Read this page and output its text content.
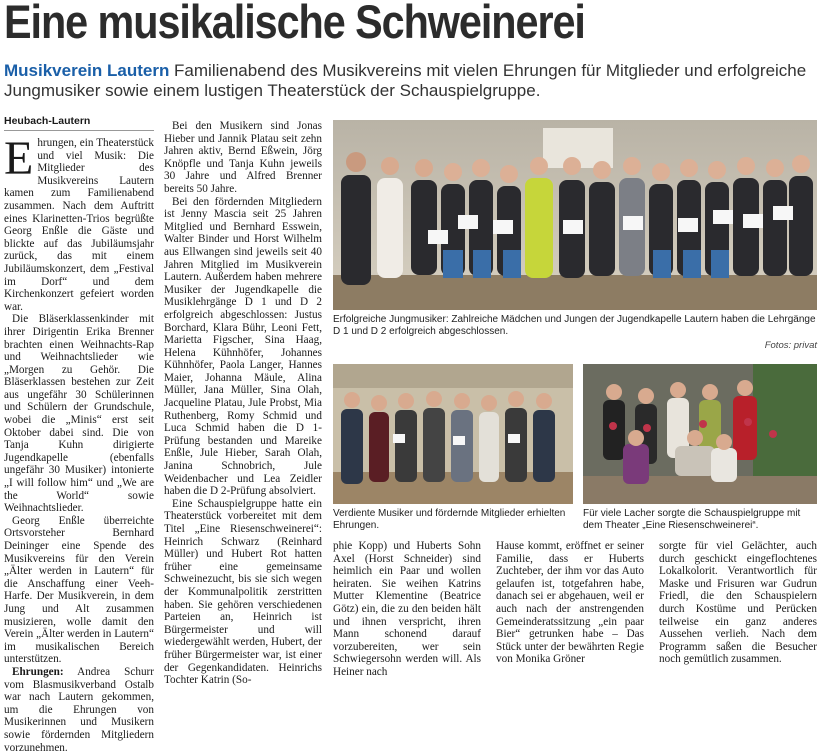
Eine musikalische Schweinerei
Musikverein Lautern Familienabend des Musikvereins mit vielen Ehrungen für Mitglieder und erfolgreiche Jungmusiker sowie einem lustigen Theaterstück der Schauspielgruppe.
Heubach-Lautern

Ehrungen, ein Theaterstück und viel Musik: Die Mitglieder des Musikvereins Lautern kamen zum Familienabend zusammen. Nach dem Auftritt eines Klarinetten-Trios begrüßte Georg Enßle die Gäste und blickte auf das Jubiläumsjahr zurück, das mit einem Jubiläumskonzert, dem „Festival im Dorf“ und dem Kirchenkonzert gefeiert worden war.

Die Bläserklassenkinder mit ihrer Dirigentin Erika Brenner brachten einen Weihnachts-Rap und Weihnachtslieder wie „Morgen zu Gehör. Die Bläserklassen bestehen zur Zeit aus ungefähr 30 Schülerinnen und Schülern der Grundschule, wobei die „Minis“ erst seit Oktober dabei sind. Die von Tanja Kuhn dirigierte Jugendkapelle (ebenfalls ungefähr 30 Musiker) intonierte „I will follow him“ und „We are the World“ sowie Weihnachtslieder.

Georg Enßle überreichte Ortsvorsteher Bernhard Deininger eine Spende des Musikvereins für den Verein „Älter werden in Lautern“ für die Anschaffung einer Veeh-Harfe. Der Musikverein, in dem Jung und Alt zusammen musizieren, wolle damit den Verein „Älter werden in Lautern“ im musikalischen Bereich unterstützen.

Ehrungen: Andrea Schurr vom Blasmusikverband Ostalb war nach Lautern gekommen, um die Ehrungen von Musikerinnen und Musikern sowie fördernden Mitgliedern vorzunehmen.

Bei den Musikern sind Jonas Hieber und Jannik Platau seit zehn Jahren aktiv, Bernd Eßwein, Jörg Knöpfle und Tanja Kuhn jeweils 30 Jahre und Alfred Brenner bereits 50 Jahre.

Bei den fördernden Mitgliedern ist Jenny Mascia seit 25 Jahren Mitglied und Bernhard Esswein, Walter Binder und Horst Wilhelm aus Ellwangen sind jeweils seit 40 Jahren Mitglied im Musikverein Lautern. Außerdem haben mehrere Musiker der Jugendkapelle die Musiklehrgänge D 1 und D 2 erfolgreich abgeschlossen: Justus Borchard, Klara Bühr, Leoni Fett, Marietta Figscher, Sina Haag, Helena Kühnhöfer, Johannes Kühnhöfer, Paola Langer, Hannes Maier, Johanna Mäule, Alina Müller, Jana Müller, Sina Olah, Jacqueline Platau, Jule Probst, Mia Ruthenberg, Romy Schmid und Luca Schmid haben die D 1-Prüfung bestanden und Mareike Enßle, Jule Hieber, Sarah Olah, Janina Schnobrich, Jule Weidenbacher und Lea Zeidler haben die D 2-Prüfung absolviert.

Eine Schauspielgruppe hatte ein Theaterstück vorbereitet mit dem Titel „Eine Riesenschweinerei“: Heinrich Schwarz (Reinhard Müller) und Hubert Rot hatten früher eine gemeinsame Schweinezucht, bis sie sich wegen der Kommunalpolitik zerstritten haben. Sie gehören verschiedenen Parteien an, Heinrich ist Bürgermeister und will wiedergewählt werden, Hubert, der früher Bürgermeister war, ist einer der Gegenkandidaten. Heinrichs Tochter Katrin (So-

Erfolgreiche Jungmusiker: Zahlreiche Mädchen und Jungen der Jugendkapelle Lautern haben die Lehrgänge D 1 und D 2 erfolgreich abgeschlossen.
Fotos: privat
Verdiente Musiker und fördernde Mitglieder erhielten Ehrungen.
Für viele Lacher sorgte die Schauspielgruppe mit dem Theater „Eine Riesenschweinerei“.
phie Kopp) und Huberts Sohn Axel (Horst Schneider) sind heimlich ein Paar und wollen heiraten. Sie weihen Katrins Mutter Klementine (Beatrice Götz) ein, die zu den beiden hält und ihnen verspricht, ihren Mann schonend darauf vorzubereiten, wer sein Schwiegersohn werden will. Als Heiner nach
Hause kommt, eröffnet er seiner Familie, dass er Huberts Zuchteber, der ihm vor das Auto gelaufen ist, totgefahren habe, danach sei er abgehauen, weil er auch nach der anstrengenden Gemeinderatssitzung „ein paar Bier“ getrunken habe – Das Stück unter der bewährten Regie von Monika Gröner
sorgte für viel Gelächter, auch durch geschickt eingeflochtenes Lokalkolorit. Verantwortlich für Maske und Frisuren war Gudrun Friedl, die den Schauspielern durch Kostüme und Perücken teilweise ein ganz anderes Aussehen verlieh. Nach dem Programm saßen die Besucher noch gemütlich zusammen.
